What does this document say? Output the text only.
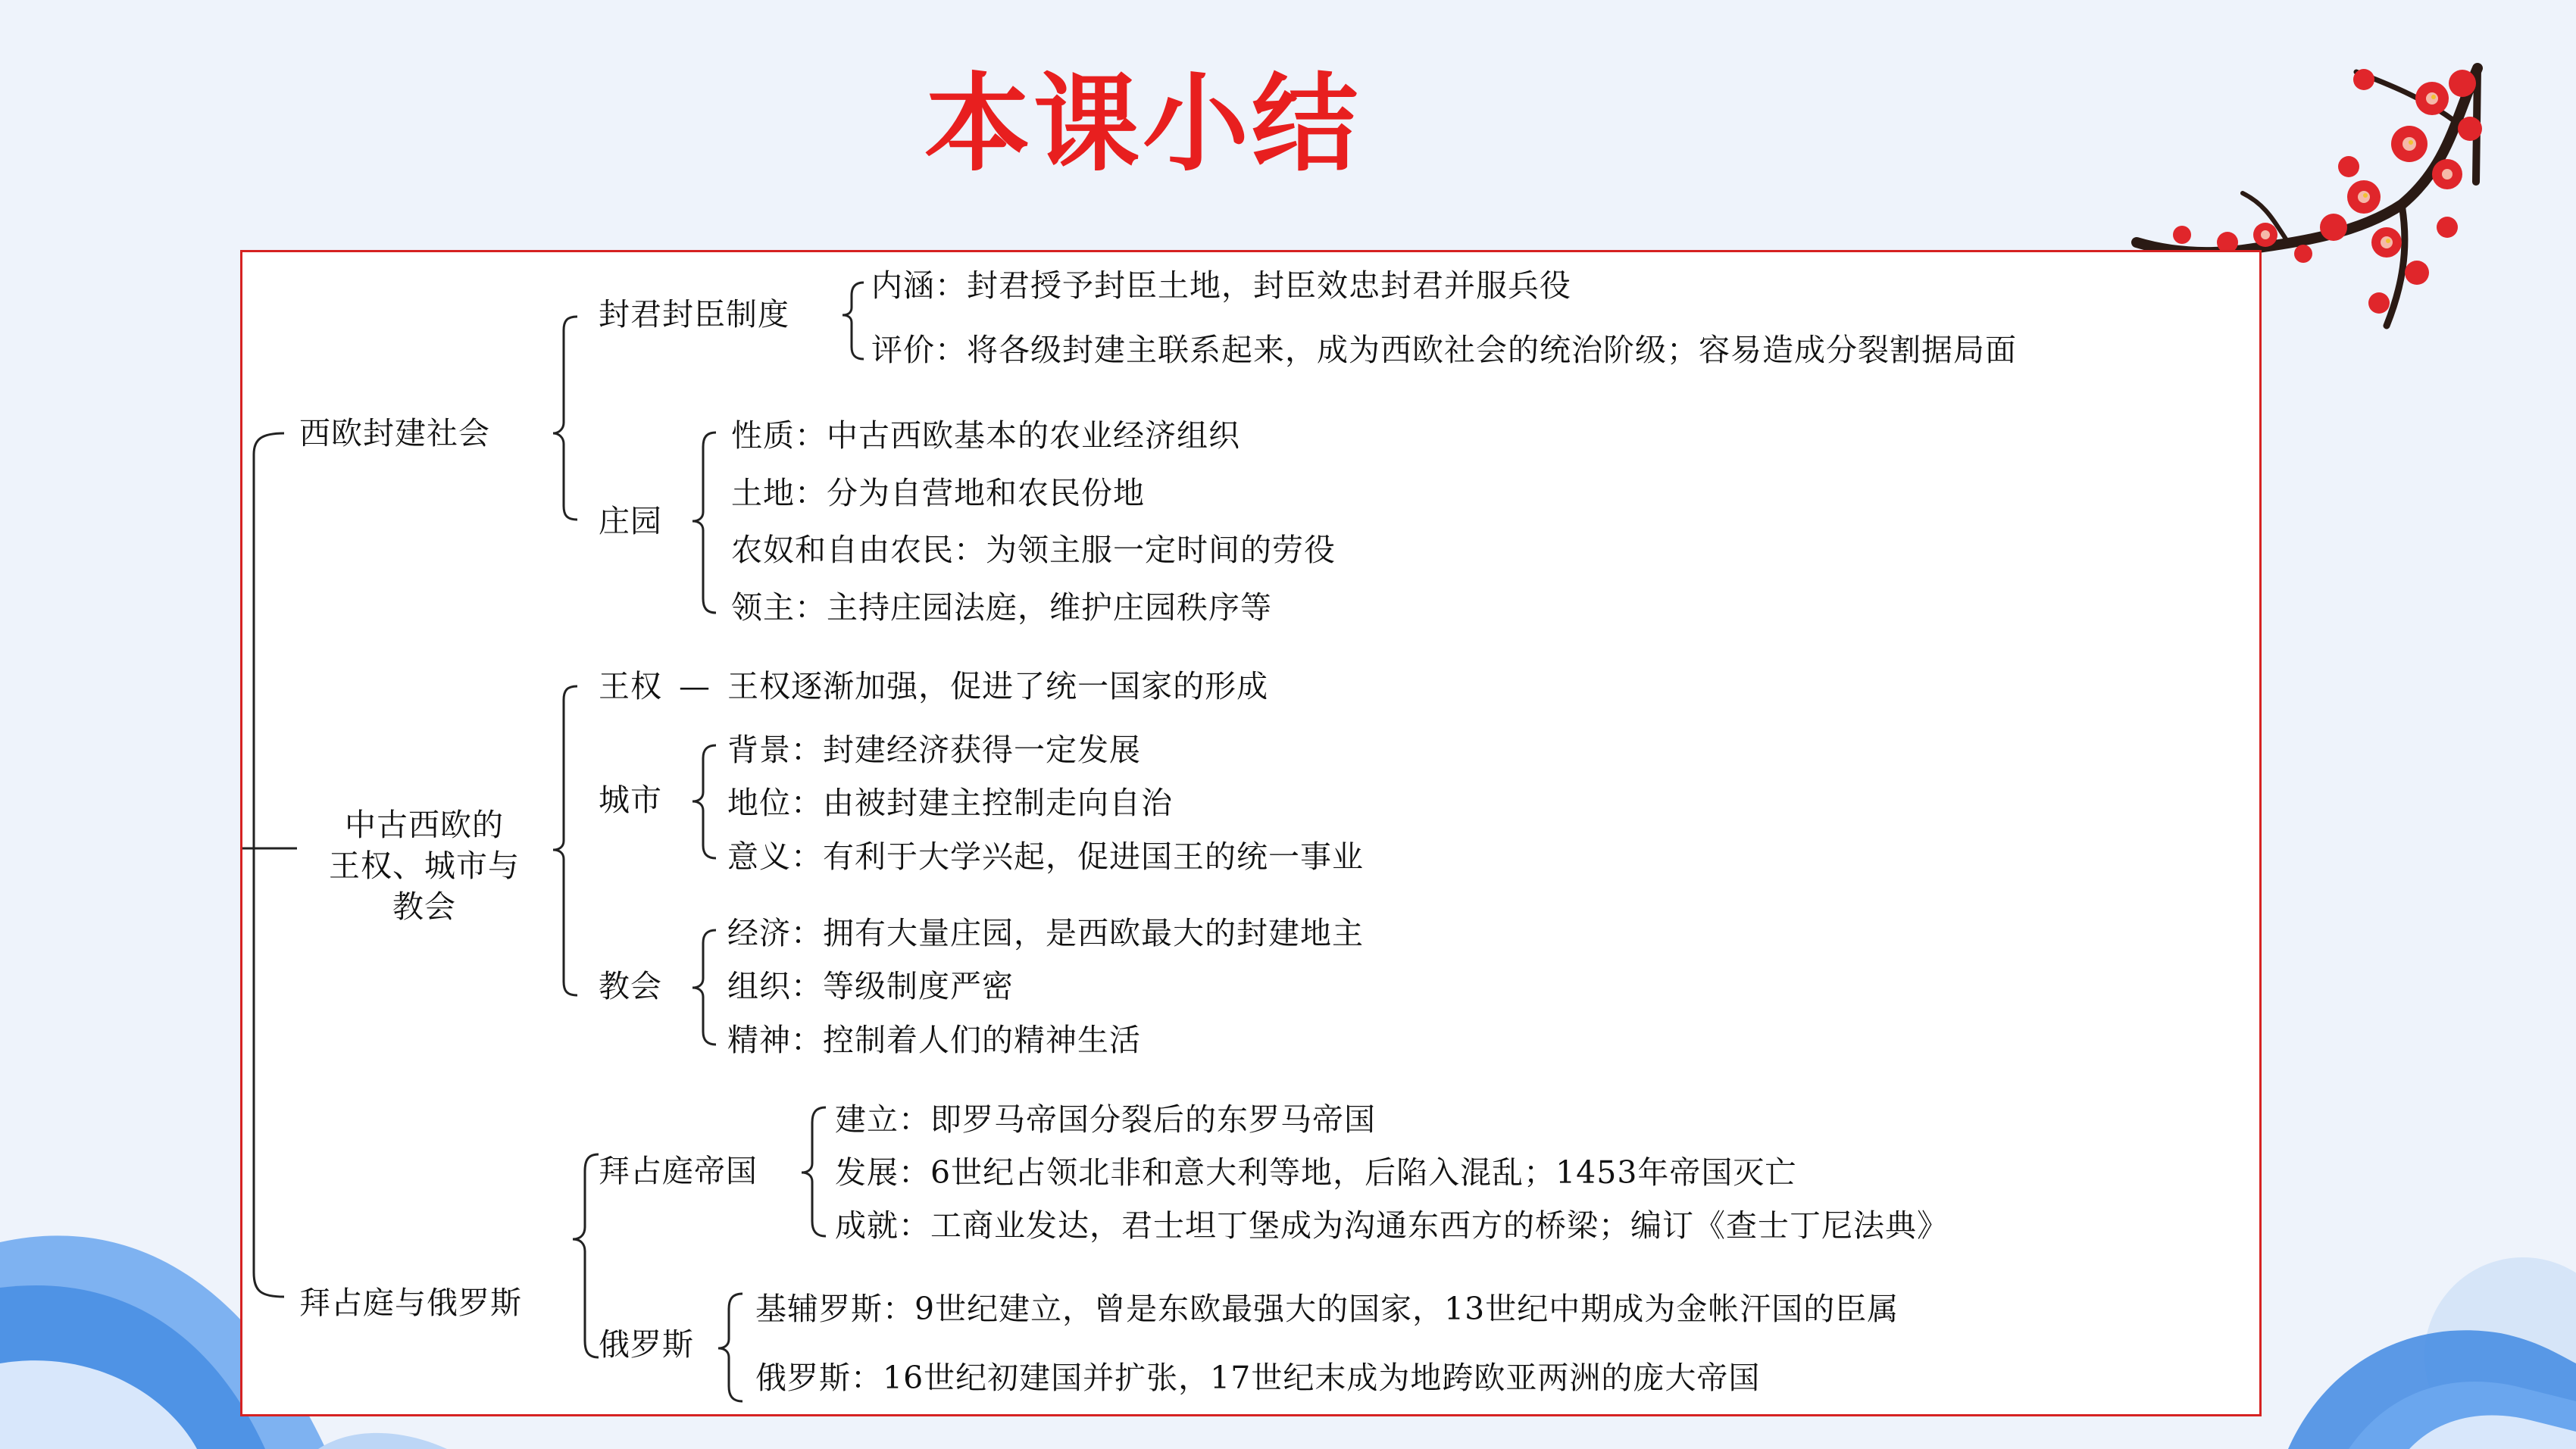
本课小结
西欧封建社会
中古西欧的
王权、城市与
教会
拜占庭与俄罗斯
封君封臣制度
内涵：封君授予封臣土地，封臣效忠封君并服兵役
评价：将各级封建主联系起来，成为西欧社会的统治阶级；容易造成分裂割据局面
庄园
性质：中古西欧基本的农业经济组织
土地：分为自营地和农民份地
农奴和自由农民：为领主服一定时间的劳役
领主：主持庄园法庭，维护庄园秩序等
王权 — 王权逐渐加强，促进了统一国家的形成
城市
背景：封建经济获得一定发展
地位：由被封建主控制走向自治
意义：有利于大学兴起，促进国王的统一事业
教会
经济：拥有大量庄园，是西欧最大的封建地主
组织：等级制度严密
精神：控制着人们的精神生活
拜占庭帝国
建立：即罗马帝国分裂后的东罗马帝国
发展：6世纪占领北非和意大利等地，后陷入混乱；1453年帝国灭亡
成就：工商业发达，君士坦丁堡成为沟通东西方的桥梁；编订《查士丁尼法典》
俄罗斯
基辅罗斯：9世纪建立，曾是东欧最强大的国家，13世纪中期成为金帐汗国的臣属
俄罗斯：16世纪初建国并扩张，17世纪末成为地跨欧亚两洲的庞大帝国
